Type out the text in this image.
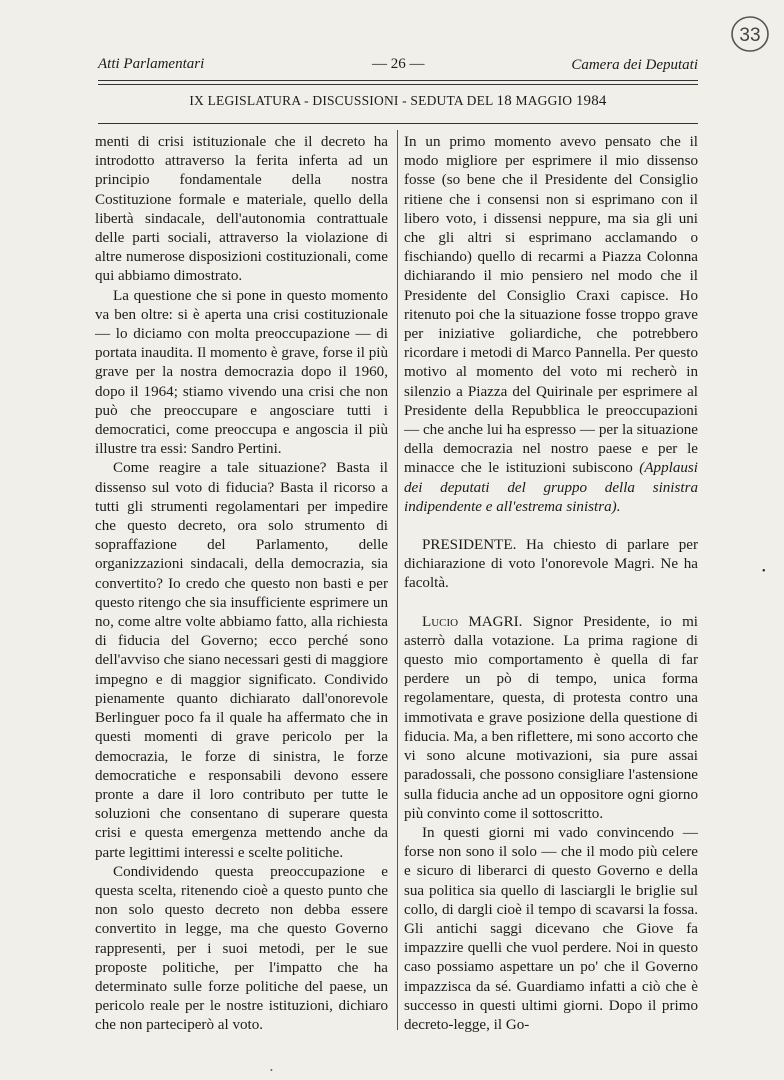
Atti Parlamentari	— 26 —	Camera dei Deputati
33
IX LEGISLATURA - DISCUSSIONI - SEDUTA DEL 18 MAGGIO 1984

menti di crisi istituzionale che il decreto ha introdotto attraverso la ferita inferta ad un principio fondamentale della nostra Costituzione formale e materiale, quello della libertà sindacale, dell'autonomia contrattuale delle parti sociali, attraverso la violazione di altre numerose disposizioni costituzionali, come qui abbiamo dimostrato.

La questione che si pone in questo momento va ben oltre: si è aperta una crisi costituzionale — lo diciamo con molta preoccupazione — di portata inaudita. Il momento è grave, forse il più grave per la nostra democrazia dopo il 1960, dopo il 1964; stiamo vivendo una crisi che non può che preoccupare e angosciare tutti i democratici, come preoccupa e angoscia il più illustre tra essi: Sandro Pertini.

Come reagire a tale situazione? Basta il dissenso sul voto di fiducia? Basta il ricorso a tutti gli strumenti regolamentari per impedire che questo decreto, ora solo strumento di sopraffazione del Parlamento, delle organizzazioni sindacali, della democrazia, sia convertito? Io credo che questo non basti e per questo ritengo che sia insufficiente esprimere un no, come altre volte abbiamo fatto, alla richiesta di fiducia del Governo; ecco perché sono dell'avviso che siano necessari gesti di maggiore impegno e di maggior significato. Condivido pienamente quanto dichiarato dall'onorevole Berlinguer poco fa il quale ha affermato che in questi momenti di grave pericolo per la democrazia, le forze di sinistra, le forze democratiche e responsabili devono essere pronte a dare il loro contributo per tutte le soluzioni che consentano di superare questa crisi e questa emergenza mettendo anche da parte legittimi interessi e scelte politiche.

Condividendo questa preoccupazione e questa scelta, ritenendo cioè a questo punto che non solo questo decreto non debba essere convertito in legge, ma che questo Governo rappresenti, per i suoi metodi, per le sue proposte politiche, per l'impatto che ha determinato sulle forze politiche del paese, un pericolo reale per le nostre istituzioni, dichiaro che non parteciperò al voto.

In un primo momento avevo pensato che il modo migliore per esprimere il mio dissenso fosse (so bene che il Presidente del Consiglio ritiene che i consensi non si esprimano con il libero voto, i dissensi neppure, ma sia gli uni che gli altri si esprimano acclamando o fischiando) quello di recarmi a Piazza Colonna dichiarando il mio pensiero nel modo che il Presidente del Consiglio Craxi capisce. Ho ritenuto poi che la situazione fosse troppo grave per iniziative goliardiche, che potrebbero ricordare i metodi di Marco Pannella. Per questo motivo al momento del voto mi recherò in silenzio a Piazza del Quirinale per esprimere al Presidente della Repubblica le preoccupazioni — che anche lui ha espresso — per la situazione della democrazia nel nostro paese e per le minacce che le istituzioni subiscono (Applausi dei deputati del gruppo della sinistra indipendente e all'estrema sinistra).

PRESIDENTE. Ha chiesto di parlare per dichiarazione di voto l'onorevole Magri. Ne ha facoltà.

Lucio MAGRI. Signor Presidente, io mi asterrò dalla votazione. La prima ragione di questo mio comportamento è quella di far perdere un pò di tempo, unica forma regolamentare, questa, di protesta contro una immotivata e grave posizione della questione di fiducia. Ma, a ben riflettere, mi sono accorto che vi sono alcune motivazioni, sia pure assai paradossali, che possono consigliare l'astensione sulla fiducia anche ad un oppositore ogni giorno più convinto come il sottoscritto.

In questi giorni mi vado convincendo — forse non sono il solo — che il modo più celere e sicuro di liberarci di questo Governo e della sua politica sia quello di lasciargli le briglie sul collo, di dargli cioè il tempo di scavarsi la fossa. Gli antichi saggi dicevano che Giove fa impazzire quelli che vuol perdere. Noi in questo caso possiamo aspettare un po' che il Governo impazzisca da sé. Guardiamo infatti a ciò che è successo in questi ultimi giorni. Dopo il primo decreto-legge, il Go-

•
•
